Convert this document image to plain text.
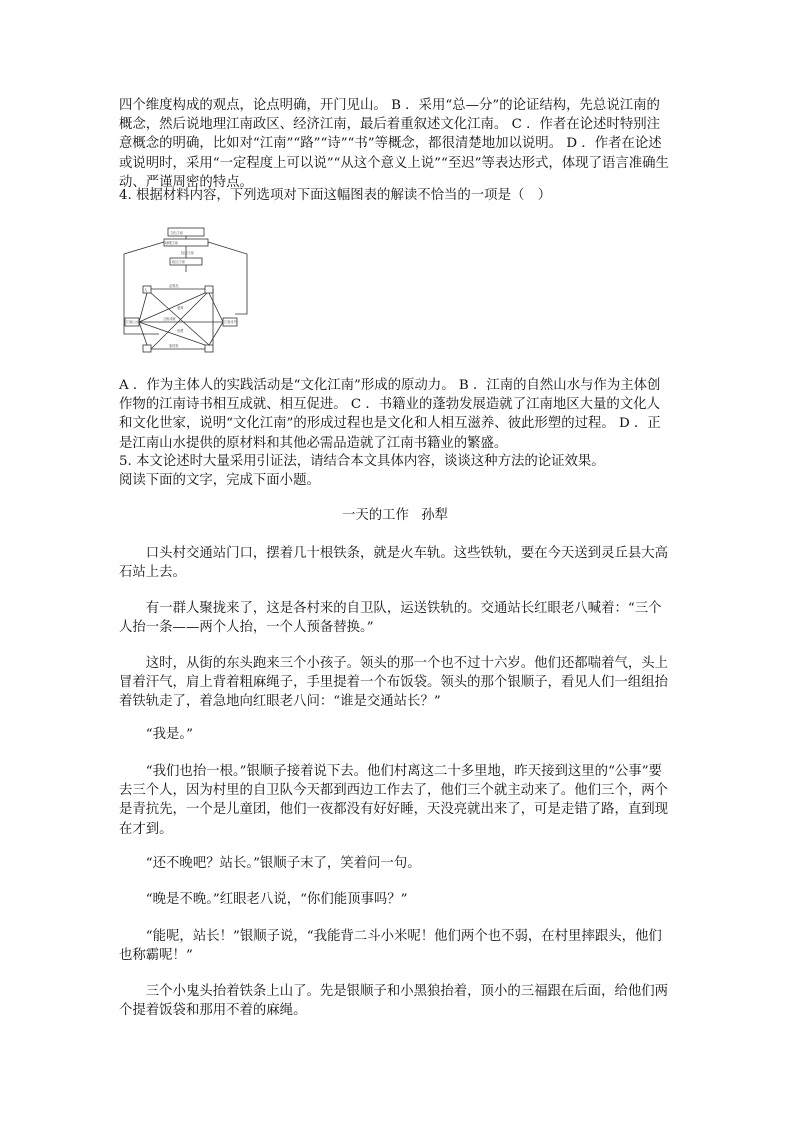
四个维度构成的观点，论点明确，开门见山。 B ．采用“总—分”的论证结构，先总说江南的概念，然后说地理江南政区、经济江南，最后着重叙述文化江南。 C ．作者在论述时特别注意概念的明确，比如对“江南”“路”“诗”“书”等概念，都很清楚地加以说明。 D ．作者在论述或说明时，采用“一定程度上可以说”“从这个意义上说”“至迟”等表达形式，体现了语言准确生动、严谨周密的特点。

4. 根据材料内容，下列选项对下面这幅图表的解读不恰当的一项是（　）

文化江南
地理江南
经济江南
政区江南
人
江南山水	江南诗书
必需品
原材料
互相成就
滋养
形塑

A ．作为主体人的实践活动是“文化江南”形成的原动力。 B ．江南的自然山水与作为主体创作物的江南诗书相互成就、相互促进。 C ．书籍业的蓬勃发展造就了江南地区大量的文化人和文化世家，说明“文化江南”的形成过程也是文化和人相互滋养、彼此形塑的过程。 D ．正是江南山水提供的原材料和其他必需品造就了江南书籍业的繁盛。

5. 本文论述时大量采用引证法，请结合本文具体内容，谈谈这种方法的论证效果。

阅读下面的文字，完成下面小题。

一天的工作 孙犁

口头村交通站门口，摆着几十根铁条，就是火车轨。这些铁轨，要在今天送到灵丘县大高石站上去。

有一群人聚拢来了，这是各村来的自卫队，运送铁轨的。交通站长红眼老八喊着：“三个人抬一条——两个人抬，一个人预备替换。”

这时，从街的东头跑来三个小孩子。领头的那一个也不过十六岁。他们还都喘着气，头上冒着汗气，肩上背着粗麻绳子，手里提着一个布饭袋。领头的那个银顺子，看见人们一组组抬着铁轨走了，着急地向红眼老八问：“谁是交通站长？”

“我是。”

“我们也抬一根。”银顺子接着说下去。他们村离这二十多里地，昨天接到这里的“公事”要去三个人，因为村里的自卫队今天都到西边工作去了，他们三个就主动来了。他们三个，两个是青抗先，一个是儿童团，他们一夜都没有好好睡，天没亮就出来了，可是走错了路，直到现在才到。

“还不晚吧？站长。”银顺子末了，笑着问一句。

“晚是不晚。”红眼老八说，“你们能顶事吗？”

“能呢，站长！”银顺子说，“我能背二斗小米呢！他们两个也不弱，在村里摔跟头，他们也称霸呢！”

三个小鬼头抬着铁条上山了。先是银顺子和小黑狼抬着，顶小的三福跟在后面，给他们两个提着饭袋和那用不着的麻绳。
